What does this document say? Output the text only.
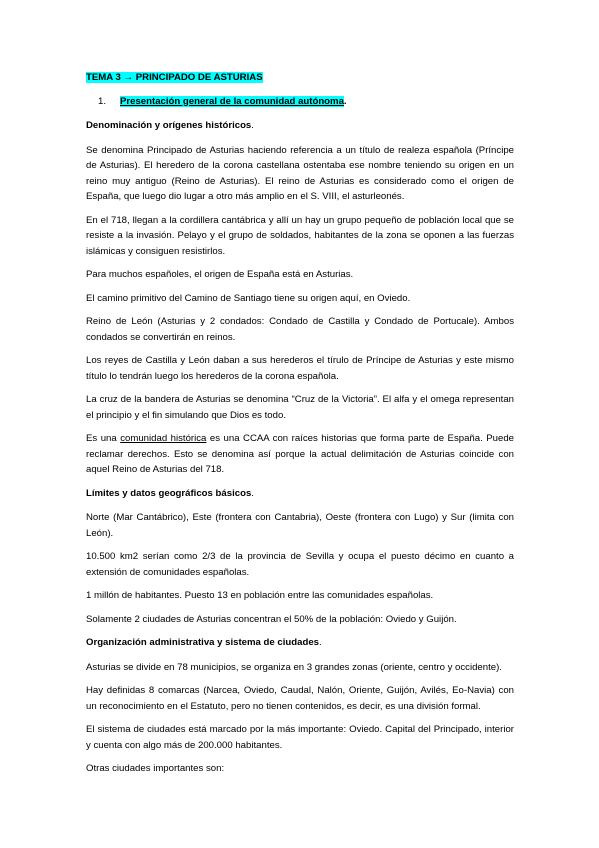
TEMA 3 → PRINCIPADO DE ASTURIAS
1.	Presentación general de la comunidad autónoma.
Denominación y orígenes históricos.

Se denomina Principado de Asturias haciendo referencia a un título de realeza española (Príncipe de Asturias). El heredero de la corona castellana ostentaba ese nombre teniendo su origen en un reino muy antiguo (Reino de Asturias). El reino de Asturias es considerado como el origen de España, que luego dio lugar a otro más amplio en el S. VIII, el asturleonés.

En el 718, llegan a la cordillera cantábrica y allí un hay un grupo pequeño de población local que se resiste a la invasión. Pelayo y el grupo de soldados, habitantes de la zona se oponen a las fuerzas islámicas y consiguen resistirlos.

Para muchos españoles, el origen de España está en Asturias.

El camino primitivo del Camino de Santiago tiene su origen aquí, en Oviedo.

Reino de León (Asturias y 2 condados: Condado de Castilla y Condado de Portucale). Ambos condados se convertirán en reinos.

Los reyes de Castilla y León daban a sus herederos el tírulo de Príncipe de Asturias y este mismo título lo tendrán luego los herederos de la corona española.

La cruz de la bandera de Asturias se denomina “Cruz de la Victoria”. El alfa y el omega representan el principio y el fin simulando que Dios es todo.

Es una comunidad histórica es una CCAA con raíces historias que forma parte de España. Puede reclamar derechos. Esto se denomina así porque la actual delimitación de Asturias coincide con aquel Reino de Asturias del 718.

Límites y datos geográficos básicos.

Norte (Mar Cantábrico), Este (frontera con Cantabria), Oeste (frontera con Lugo) y Sur (limita con León).

10.500 km2 serían como 2/3 de la provincia de Sevilla y ocupa el puesto décimo en cuanto a extensión de comunidades españolas.

1 millón de habitantes. Puesto 13 en población entre las comunidades españolas.

Solamente 2 ciudades de Asturias concentran el 50% de la población: Oviedo y Guijón.

Organización administrativa y sistema de ciudades.

Asturias se divide en 78 municipios, se organiza en 3 grandes zonas (oriente, centro y occidente).

Hay definidas 8 comarcas (Narcea, Oviedo, Caudal, Nalón, Oriente, Guijón, Avilés, Eo-Navia) con un reconocimiento en el Estatuto, pero no tienen contenidos, es decir, es una división formal.

El sistema de ciudades está marcado por la más importante: Oviedo. Capital del Principado, interior y cuenta con algo más de 200.000 habitantes.

Otras ciudades importantes son:
